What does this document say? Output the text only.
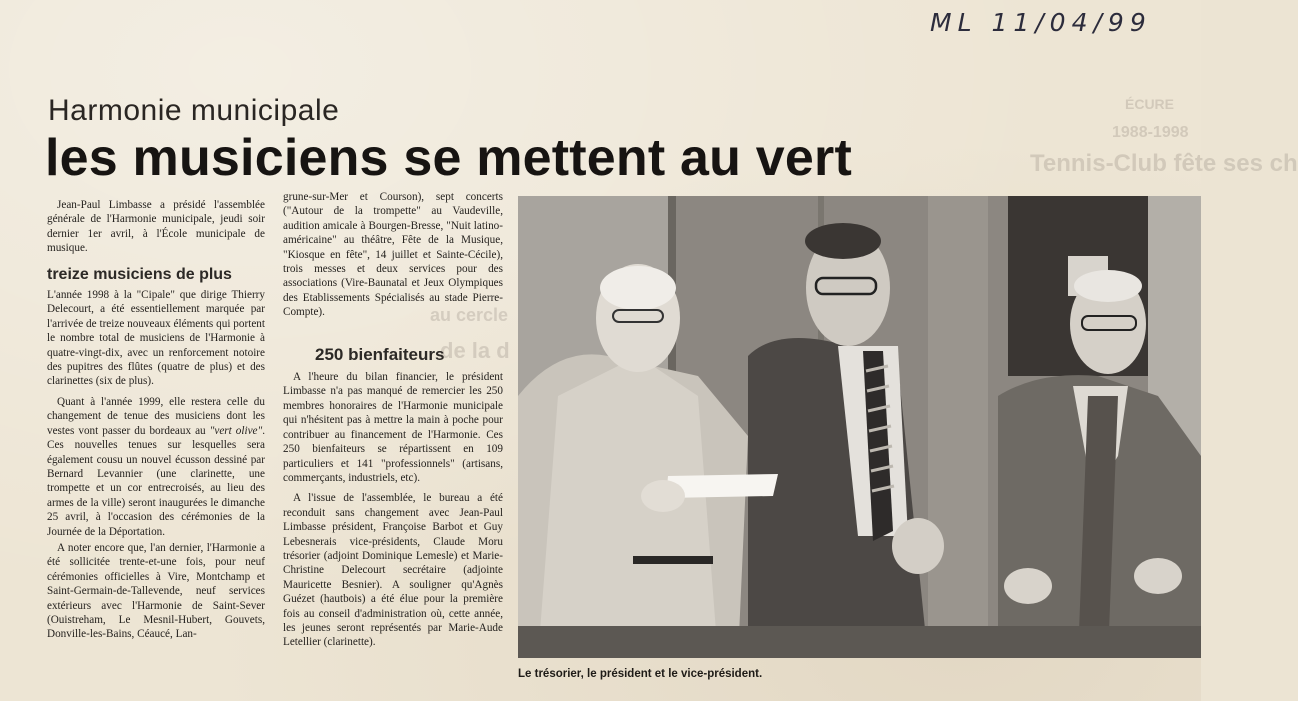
ÉCURE
Tennis-Club fête ses ch
1988-1998
au cercle
de la d
ML 11/04/99
Harmonie municipale
les musiciens se mettent au vert

Jean-Paul Limbasse a présidé l'assemblée générale de l'Harmonie municipale, jeudi soir dernier 1er avril, à l'École municipale de musique.

treize musiciens de plus

L'année 1998 à la "Cipale" que dirige Thierry Delecourt, a été essentiellement marquée par l'arrivée de treize nouveaux éléments qui portent le nombre total de musiciens de l'Harmonie à quatre-vingt-dix, avec un renforcement notoire des pupitres des flûtes (quatre de plus) et des clarinettes (six de plus).

Quant à l'année 1999, elle restera celle du changement de tenue des musiciens dont les vestes vont passer du bordeaux au "vert olive". Ces nouvelles tenues sur lesquelles sera également cousu un nouvel écusson dessiné par Bernard Levannier (une clarinette, une trompette et un cor entrecroisés, au lieu des armes de la ville) seront inaugurées le dimanche 25 avril, à l'occasion des cérémonies de la Journée de la Déportation.

A noter encore que, l'an dernier, l'Harmonie a été sollicitée trente-et-une fois, pour neuf cérémonies officielles à Vire, Montchamp et Saint-Germain-de-Tallevende, neuf services extérieurs avec l'Harmonie de Saint-Sever (Ouistreham, Le Mesnil-Hubert, Gouvets, Donville-les-Bains, Céaucé, Lan-

grune-sur-Mer et Courson), sept concerts ("Autour de la trompette" au Vaudeville, audition amicale à Bourgen-Bresse, "Nuit latino-américaine" au théâtre, Fête de la Musique, "Kiosque en fête", 14 juillet et Sainte-Cécile), trois messes et deux services pour des associations (Vire-Baunatal et Jeux Olympiques des Etablissements Spécialisés au stade Pierre-Compte).

250 bienfaiteurs

A l'heure du bilan financier, le président Limbasse n'a pas manqué de remercier les 250 membres honoraires de l'Harmonie municipale qui n'hésitent pas à mettre la main à poche pour contribuer au financement de l'Harmonie. Ces 250 bienfaiteurs se répartissent en 109 particuliers et 141 "professionnels" (artisans, commerçants, industriels, etc).

A l'issue de l'assemblée, le bureau a été reconduit sans changement avec Jean-Paul Limbasse président, Françoise Barbot et Guy Lebesnerais vice-présidents, Claude Moru trésorier (adjoint Dominique Lemesle) et Marie-Christine Delecourt secrétaire (adjointe Mauricette Besnier). A souligner qu'Agnès Guézet (hautbois) a été élue pour la première fois au conseil d'administration où, cette année, les jeunes seront représentés par Marie-Aude Letellier (clarinette).

Le trésorier, le président et le vice-président.
